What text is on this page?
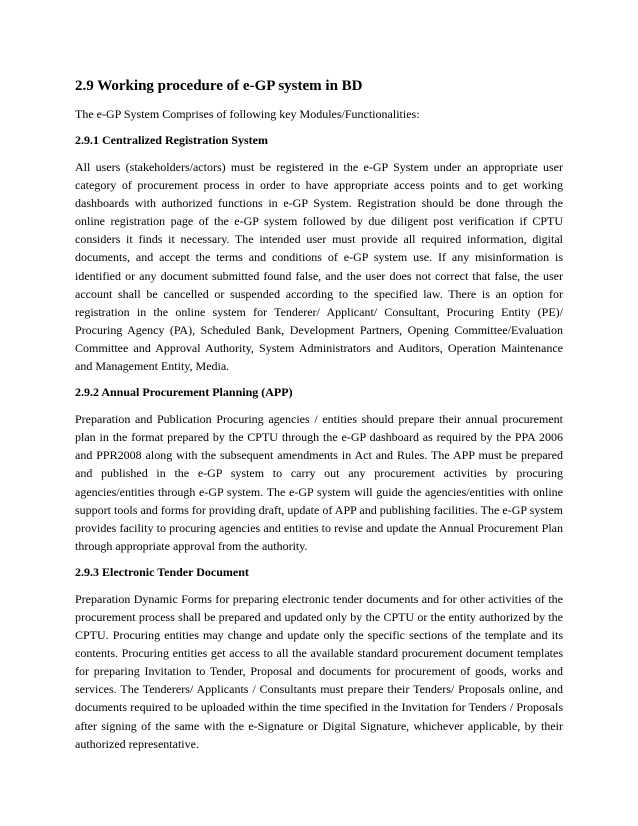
2.9 Working procedure of e-GP system in BD

The e-GP System Comprises of following key Modules/Functionalities:

2.9.1 Centralized Registration System

All users (stakeholders/actors) must be registered in the e-GP System under an appropriate user category of procurement process in order to have appropriate access points and to get working dashboards with authorized functions in e-GP System. Registration should be done through the online registration page of the e-GP system followed by due diligent post verification if CPTU considers it finds it necessary. The intended user must provide all required information, digital documents, and accept the terms and conditions of e-GP system use. If any misinformation is identified or any document submitted found false, and the user does not correct that false, the user account shall be cancelled or suspended according to the specified law. There is an option for registration in the online system for Tenderer/ Applicant/ Consultant, Procuring Entity (PE)/ Procuring Agency (PA), Scheduled Bank, Development Partners, Opening Committee/Evaluation Committee and Approval Authority, System Administrators and Auditors, Operation Maintenance and Management Entity, Media.

2.9.2 Annual Procurement Planning (APP)

Preparation and Publication Procuring agencies / entities should prepare their annual procurement plan in the format prepared by the CPTU through the e-GP dashboard as required by the PPA 2006 and PPR2008 along with the subsequent amendments in Act and Rules. The APP must be prepared and published in the e-GP system to carry out any procurement activities by procuring agencies/entities through e-GP system. The e-GP system will guide the agencies/entities with online support tools and forms for providing draft, update of APP and publishing facilities. The e-GP system provides facility to procuring agencies and entities to revise and update the Annual Procurement Plan through appropriate approval from the authority.

2.9.3 Electronic Tender Document

Preparation Dynamic Forms for preparing electronic tender documents and for other activities of the procurement process shall be prepared and updated only by the CPTU or the entity authorized by the CPTU. Procuring entities may change and update only the specific sections of the template and its contents. Procuring entities get access to all the available standard procurement document templates for preparing Invitation to Tender, Proposal and documents for procurement of goods, works and services. The Tenderers/ Applicants / Consultants must prepare their Tenders/ Proposals online, and documents required to be uploaded within the time specified in the Invitation for Tenders / Proposals after signing of the same with the e-Signature or Digital Signature, whichever applicable, by their authorized representative.
